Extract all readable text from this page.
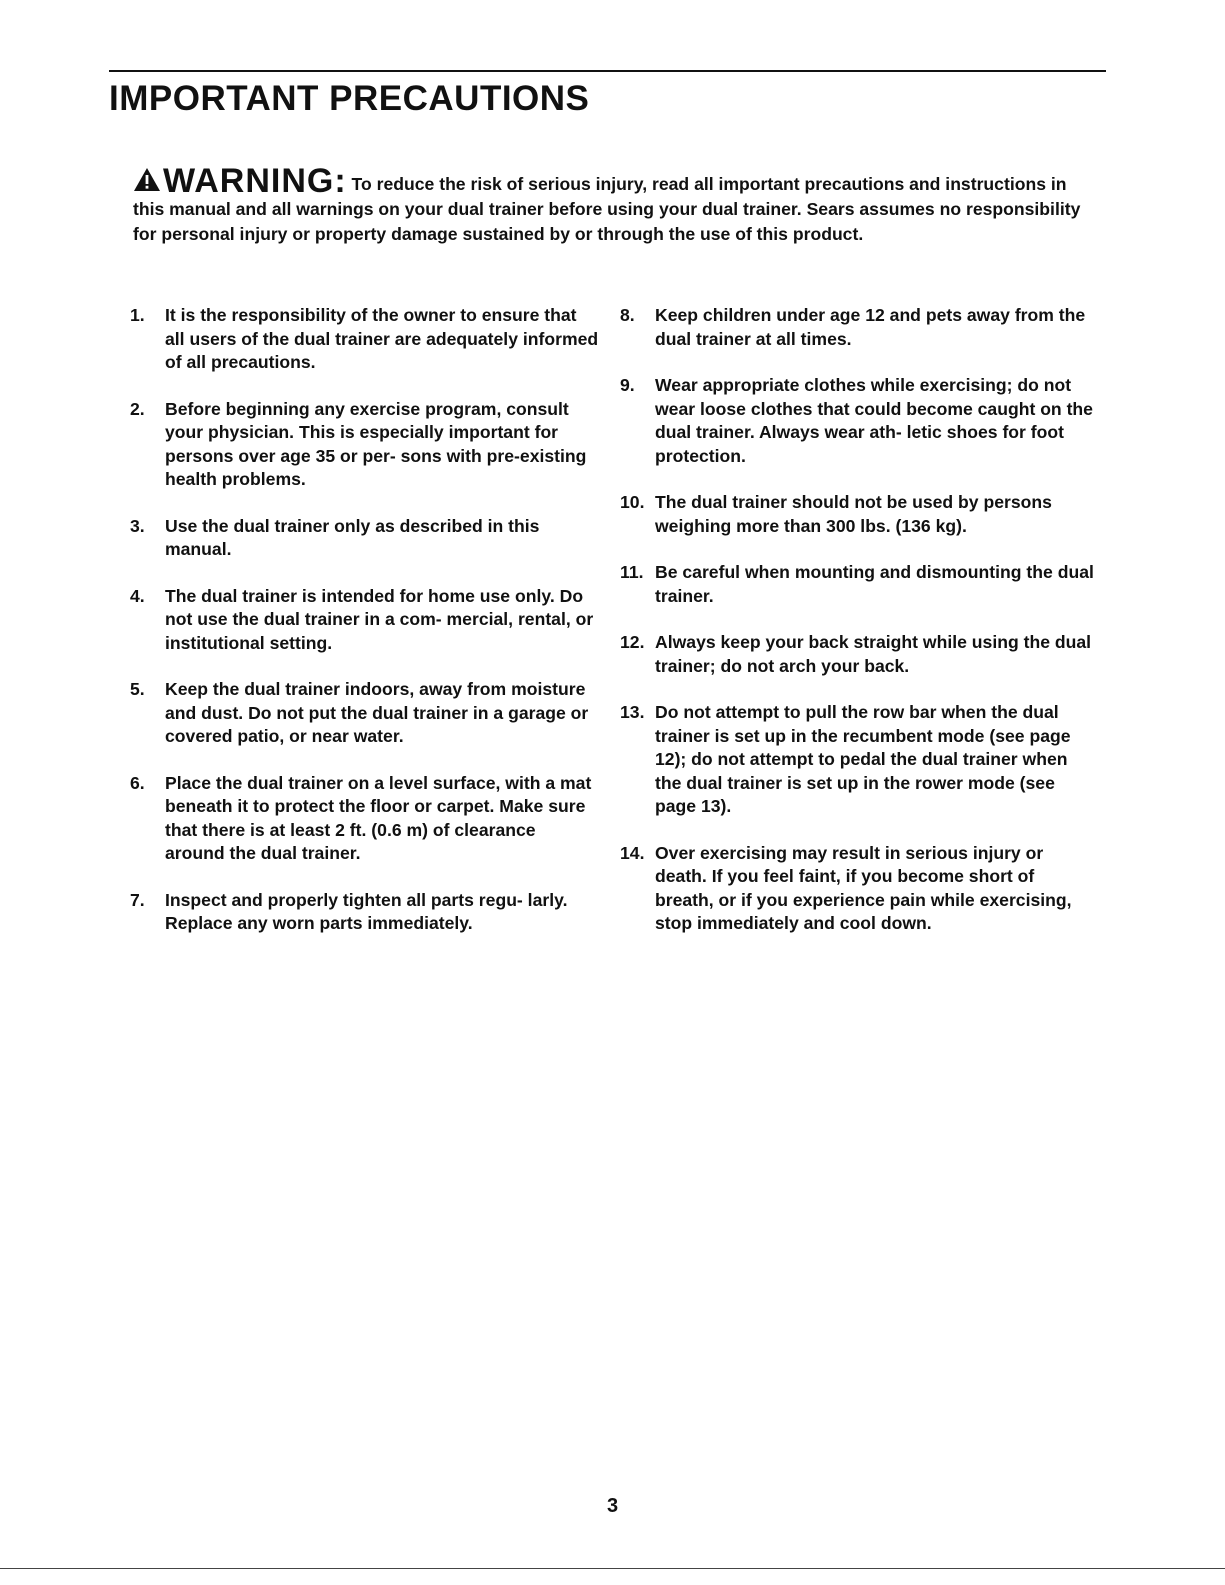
IMPORTANT PRECAUTIONS

WARNING: To reduce the risk of serious injury, read all important precautions and instructions in this manual and all warnings on your dual trainer before using your dual trainer. Sears assumes no responsibility for personal injury or property damage sustained by or through the use of this product.

1.	It is the responsibility of the owner to ensure that all users of the dual trainer are adequately informed of all precautions.
2.	Before beginning any exercise program, consult your physician. This is especially important for persons over age 35 or per- sons with pre-existing health problems.
3.	Use the dual trainer only as described in this manual.
4.	The dual trainer is intended for home use only. Do not use the dual trainer in a com- mercial, rental, or institutional setting.
5.	Keep the dual trainer indoors, away from moisture and dust. Do not put the dual trainer in a garage or covered patio, or near water.
6.	Place the dual trainer on a level surface, with a mat beneath it to protect the floor or carpet. Make sure that there is at least 2 ft. (0.6 m) of clearance around the dual trainer.
7.	Inspect and properly tighten all parts regu- larly. Replace any worn parts immediately.
8.	Keep children under age 12 and pets away from the dual trainer at all times.
9.	Wear appropriate clothes while exercising; do not wear loose clothes that could become caught on the dual trainer. Always wear ath- letic shoes for foot protection.
10. The dual trainer should not be used by persons weighing more than 300 lbs. (136 kg).
11. Be careful when mounting and dismounting the dual trainer.
12. Always keep your back straight while using the dual trainer; do not arch your back.
13. Do not attempt to pull the row bar when the dual trainer is set up in the recumbent mode (see page 12); do not attempt to pedal the dual trainer when the dual trainer is set up in the rower mode (see page 13).
14. Over exercising may result in serious injury or death. If you feel faint, if you become short of breath, or if you experience pain while exercising, stop immediately and cool down.
3
